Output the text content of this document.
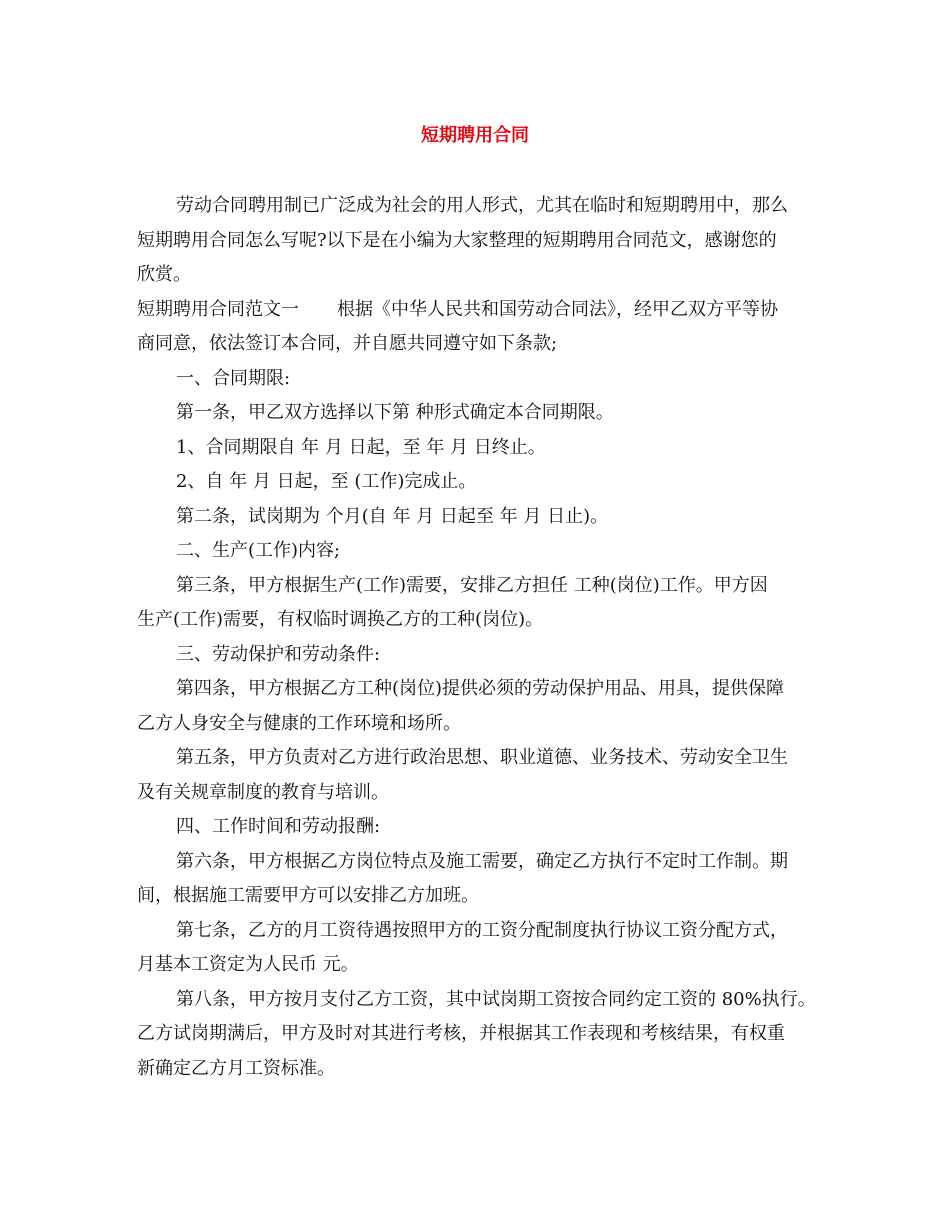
短期聘用合同

劳动合同聘用制已广泛成为社会的用人形式，尤其在临时和短期聘用中，那么

短期聘用合同怎么写呢?以下是在小编为大家整理的短期聘用合同范文，感谢您的

欣赏。

短期聘用合同范文一 根据《中华人民共和国劳动合同法》，经甲乙双方平等协

商同意，依法签订本合同，并自愿共同遵守如下条款;

一、合同期限:

第一条，甲乙双方选择以下第 种形式确定本合同期限。

1、合同期限自 年 月 日起，至 年 月 日终止。

2、自 年 月 日起，至 (工作)完成止。

第二条，试岗期为 个月(自 年 月 日起至 年 月 日止)。

二、生产(工作)内容;

第三条，甲方根据生产(工作)需要，安排乙方担任 工种(岗位)工作。甲方因

生产(工作)需要，有权临时调换乙方的工种(岗位)。

三、劳动保护和劳动条件:

第四条，甲方根据乙方工种(岗位)提供必须的劳动保护用品、用具，提供保障

乙方人身安全与健康的工作环境和场所。

第五条，甲方负责对乙方进行政治思想、职业道德、业务技术、劳动安全卫生

及有关规章制度的教育与培训。

四、工作时间和劳动报酬:

第六条，甲方根据乙方岗位特点及施工需要，确定乙方执行不定时工作制。期

间，根据施工需要甲方可以安排乙方加班。

第七条，乙方的月工资待遇按照甲方的工资分配制度执行协议工资分配方式，

月基本工资定为人民币 元。

第八条，甲方按月支付乙方工资，其中试岗期工资按合同约定工资的 80%执行。

乙方试岗期满后，甲方及时对其进行考核，并根据其工作表现和考核结果，有权重

新确定乙方月工资标准。
